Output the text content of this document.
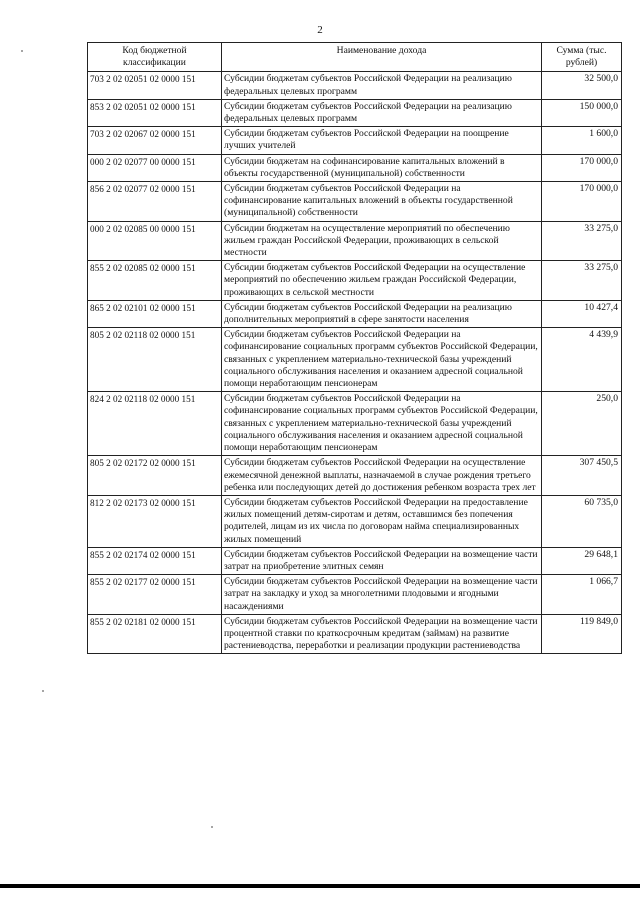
2
Код бюджетной классификации	Наименование дохода	Сумма (тыс. рублей)
703 2 02 02051 02 0000 151	Субсидии бюджетам субъектов Российской Федерации на реализацию федеральных целевых программ	32 500,0
853 2 02 02051 02 0000 151	Субсидии бюджетам субъектов Российской Федерации на реализацию федеральных целевых программ	150 000,0
703 2 02 02067 02 0000 151	Субсидии бюджетам субъектов Российской Федерации на поощрение лучших учителей	1 600,0
000 2 02 02077 00 0000 151	Субсидии бюджетам на софинансирование капитальных вложений в объекты государственной (муниципальной) собственности	170 000,0
856 2 02 02077 02 0000 151	Субсидии бюджетам субъектов Российской Федерации на софинансирование капитальных вложений в объекты государственной (муниципальной) собственности	170 000,0
000 2 02 02085 00 0000 151	Субсидии бюджетам на осуществление мероприятий по обеспечению жильем граждан Российской Федерации, проживающих в сельской местности	33 275,0
855 2 02 02085 02 0000 151	Субсидии бюджетам субъектов Российской Федерации на осуществление мероприятий по обеспечению жильем граждан Российской Федерации, проживающих в сельской местности	33 275,0
865 2 02 02101 02 0000 151	Субсидии бюджетам субъектов Российской Федерации на реализацию дополнительных мероприятий в сфере занятости населения	10 427,4
805 2 02 02118 02 0000 151	Субсидии бюджетам субъектов Российской Федерации на софинансирование социальных программ субъектов Российской Федерации, связанных с укреплением материально-технической базы учреждений социального обслуживания населения и оказанием адресной социальной помощи неработающим пенсионерам	4 439,9
824 2 02 02118 02 0000 151	Субсидии бюджетам субъектов Российской Федерации на софинансирование социальных программ субъектов Российской Федерации, связанных с укреплением материально-технической базы учреждений социального обслуживания населения и оказанием адресной социальной помощи неработающим пенсионерам	250,0
805 2 02 02172 02 0000 151	Субсидии бюджетам субъектов Российской Федерации на осуществление ежемесячной денежной выплаты, назначаемой в случае рождения третьего ребенка или последующих детей до достижения ребенком возраста трех лет	307 450,5
812 2 02 02173 02 0000 151	Субсидии бюджетам субъектов Российской Федерации на предоставление жилых помещений детям-сиротам и детям, оставшимся без попечения родителей, лицам из их числа по договорам найма специализированных жилых помещений	60 735,0
855 2 02 02174 02 0000 151	Субсидии бюджетам субъектов Российской Федерации на возмещение части затрат на приобретение элитных семян	29 648,1
855 2 02 02177 02 0000 151	Субсидии бюджетам субъектов Российской Федерации на возмещение части затрат на закладку и уход за многолетними плодовыми и ягодными насаждениями	1 066,7
855 2 02 02181 02 0000 151	Субсидии бюджетам субъектов Российской Федерации на возмещение части процентной ставки по краткосрочным кредитам (займам) на развитие растениеводства, переработки и реализации продукции растениеводства	119 849,0
